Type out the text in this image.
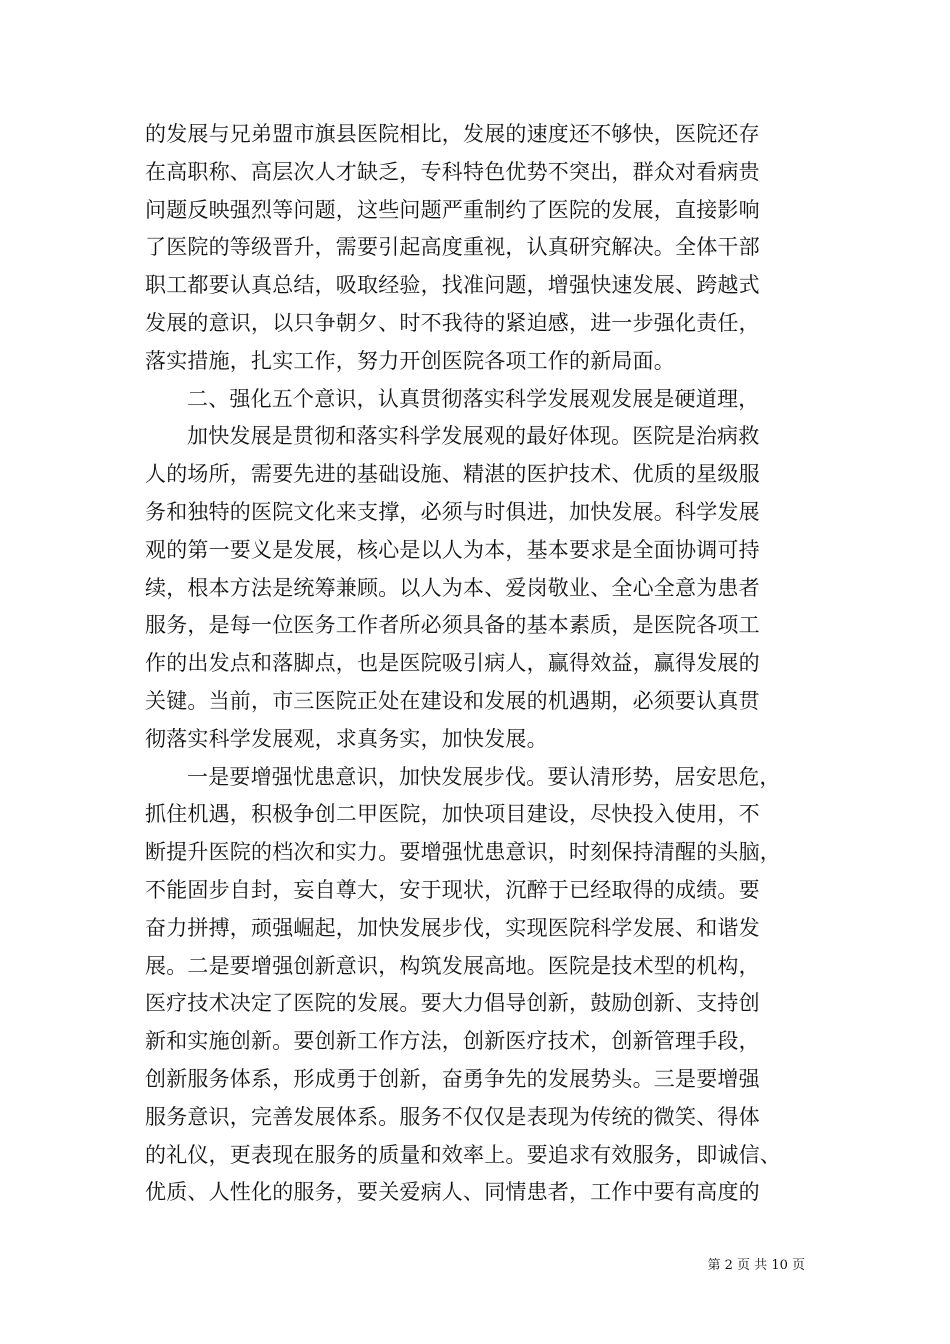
的发展与兄弟盟市旗县医院相比，发展的速度还不够快，医院还存
在高职称、高层次人才缺乏，专科特色优势不突出，群众对看病贵
问题反映强烈等问题，这些问题严重制约了医院的发展，直接影响
了医院的等级晋升，需要引起高度重视，认真研究解决。全体干部
职工都要认真总结，吸取经验，找准问题，增强快速发展、跨越式
发展的意识，以只争朝夕、时不我待的紧迫感，进一步强化责任，
落实措施，扎实工作，努力开创医院各项工作的新局面。
二、强化五个意识，认真贯彻落实科学发展观发展是硬道理，
加快发展是贯彻和落实科学发展观的最好体现。医院是治病救
人的场所，需要先进的基础设施、精湛的医护技术、优质的星级服
务和独特的医院文化来支撑，必须与时俱进，加快发展。科学发展
观的第一要义是发展，核心是以人为本，基本要求是全面协调可持
续，根本方法是统筹兼顾。以人为本、爱岗敬业、全心全意为患者
服务，是每一位医务工作者所必须具备的基本素质，是医院各项工
作的出发点和落脚点，也是医院吸引病人，赢得效益，赢得发展的
关键。当前，市三医院正处在建设和发展的机遇期，必须要认真贯
彻落实科学发展观，求真务实，加快发展。
一是要增强忧患意识，加快发展步伐。要认清形势，居安思危，
抓住机遇，积极争创二甲医院，加快项目建设，尽快投入使用，不
断提升医院的档次和实力。要增强忧患意识，时刻保持清醒的头脑，
不能固步自封，妄自尊大，安于现状，沉醉于已经取得的成绩。要
奋力拼搏，顽强崛起，加快发展步伐，实现医院科学发展、和谐发
展。二是要增强创新意识，构筑发展高地。医院是技术型的机构，
医疗技术决定了医院的发展。要大力倡导创新，鼓励创新、支持创
新和实施创新。要创新工作方法，创新医疗技术，创新管理手段，
创新服务体系，形成勇于创新，奋勇争先的发展势头。三是要增强
服务意识，完善发展体系。服务不仅仅是表现为传统的微笑、得体
的礼仪，更表现在服务的质量和效率上。要追求有效服务，即诚信、
优质、人性化的服务，要关爱病人、同情患者，工作中要有高度的
第 2 页 共 10 页
